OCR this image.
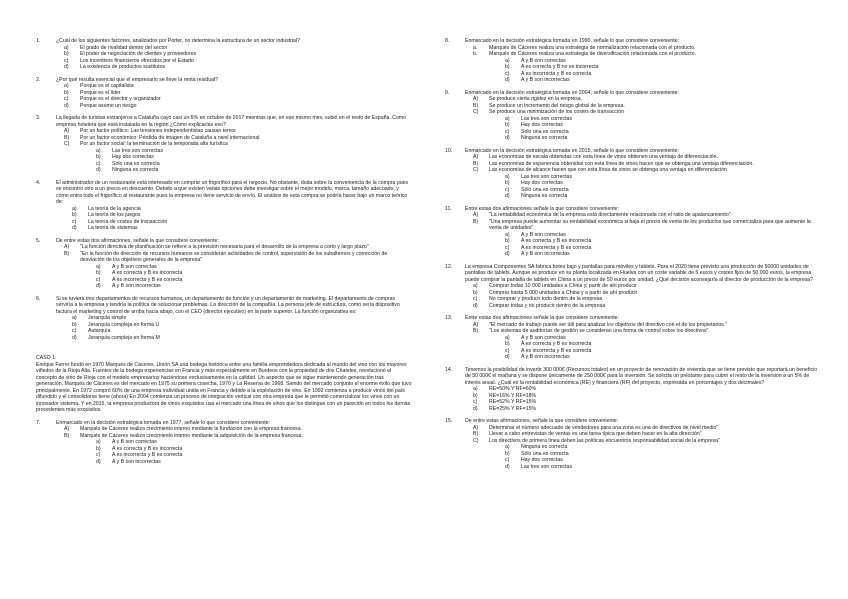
1.	¿Cuál de los siguientes factores, analizados por Porter, no determina la estructura de un sector industrial?
a) El grado de rivalidad dentro del sector
b) El poder de negociación de clientes y proveedores
c) Los incentivos financieros ofrecidos por el Estado
d) La existencia de productos sustitutos
2.	¿Por qué resulta esencial que el empresario se lleve la renta residual?
a) Porque es el capitalista
b) Porque es el líder
c) Porque es el director y organizador
d) Porque asume un riesgo
3.	La llegada de turistas extranjeros a Cataluña cayó casi un 5% en octubre de 2017 mientras que, en ese mismo mes, subió en el resto de España. Como empresa hotelera que está instalada en la región ¿Cómo explicarías eso?
A) Por un factor político: Las tensiones independentistas causan temor
B) Por un factor económico: Pérdida de imagen de Cataluña a nivel internacional
C) Por un factor social: la terminación de la temporada alta turística
a) Las tres son correctas
b) Hay dos correctas
c) Sólo una es correcta
d) Ninguna es correcta
4.	El administrador de un restaurante está interesado en comprar un frigorífico para el negocio. No obstante, duda sobre la conveniencia de la compra pues se encontró otro a un precio en descuento. Debido a que existen varias opciones debe investigar sobre el mejor modelo, marca, tamaño adecuado, y cómo entra todo el frigorífico al restaurante pues la empresa no tiene servicio de envío. El análisis de esta compra se podría hacer bajo un marco teórico de:
a) La teoría de la agencia
b) La teoría de los juegos
c) La teoría de costes de transacción
d) La teoría de sistemas
5.	De entre estas dos afirmaciones, señale la que considere conveniente:
A) "La función directiva de planificación se refiere a la previsión necesaria para el desarrollo de la empresa a corto y largo plazo"
B) "En la función de dirección de recursos humanos se consideran actividades de control, supervisión de los subalternos y corrección de desviación de los objetivos generales de la empresa"
a) A y B son correctas
b) A es correcta y B es incorrecta
c) A es incorrecta y B es correcta
d) A y B son incorrectas
6.	Si se tuviera tres departamentos de recursos humanos, un departamento de función y un departamento de marketing. El departamento de compras serviría a la empresa y tendría la política de solucionar problemas. La dirección de la compañía. La persona jefe de estructura, como sería dispositivo factura el marketing y control de arriba hacia abajo, con el CEO (director ejecutivo) en la parte superior. La función organizativa es:
a) Jerarquía simple
b) Jerarquía compleja en forma U
c) Autarquía
d) Jerarquía compleja en forma M
CASO 1:
Enrique Ferrer fundó en 1970 Marqués de Cáceres. Unión SA una bodega histórica entre una familia emprendedora dedicada al mundo del vino con los mayores viñedos de la Rioja Alta. Fuentes de la bodega experiencias en Francia y más especialmente en Burdeos con la propiedad de dos Chateles, revolucionó el concepto de vino de Rioja con el modelo empresarios haciéndose exclusivamente en la calidad. Un aspecto que se sigue manteniendo generación tras generación. Marqués de Cáceres es del mercado en 1975 su primera cosecha, 1970 y La Reserva de 1968. Siendo del mercado conjunto el enorme éxito que tuvo principalmente. En 1972 compró 60% de una empresa individual unida en Francia y debido a la explotación de vino. En 1992 comienza a producir vinos del país difundido y el consolidarse tiene (ahora) En 2004 comienza un proceso de integración vertical con otra empresa que le permitió comercializar los vinos con un innovador sistema. Y en 2015, la empresa productora de vinos exquisitos usa el mercado una línea de vinos que los distingue con un parecido en todos los demás procedentes más exquisitos.
7.	Enmarcado en la decisión estratégica tomada en 1977, señale lo que considere conveniente:
A) Marqués de Cáceres realiza crecimiento interno mediante la fundación con la empresa francesa.
B) Marqués de Cáceres realiza crecimiento interno mediante la adquisición de la empresa francesa.
a) A y B son correctas
b) A es correcta y B es incorrecta
c) A es incorrecta y B es correcta
d) A y B son incorrectas
8.	Enmarcado en la decisión estratégica tomada en 1990, señale lo que considere conveniente:
a. Marqués de Cáceres realiza una estrategia de normalización relacionada con el producto.
b. Marqués de Cáceres realiza una estrategia de diversificación relacionada con el producto.
a) A y B son correctas
b) A es correcta y B no es incorrecta
c) A es incorrecta y B es correcta
d) A y B son incorrectas
9.	Enmarcado en la decisión estratégica tomada en 2004, señale lo que considere conveniente:
A) Se produce cierta rigidez en la empresa.
B) Se produce un incremento del riesgo global de la empresa.
C) Se produce una minimización de los costes de transacción
a) Las tres son correctas
b) Hay dos correctas
c) Sólo una es correcta
d) Ninguna es correcta
10. Enmarcado en la decisión estratégica tomada en 2015, señale lo que considere conveniente:
A) Las economías de escala obtenidas con esta línea de vinos obtienen una ventaja de diferenciación.
B) Las economías de experiencia obtenidas con esta línea de vinos hacen que se obtenga una ventaja diferenciación.
C) Las economías de alcance hacen que con esta línea de vinos se obtenga una ventaja en diferenciación
a) Las tres son correctas
b) Hay dos correctas
c) Sólo una es correcta
d) Ninguna es correcta
11.	Entre estas dos afirmaciones señale la que considere conveniente:
A) "La rentabilidad económica de la empresa está directamente relacionada con el ratio de apalancamiento"
B) "Una empresa puede aumentar su rentabilidad económica si baja el precio de venta de los productos que comercializa para que aumente la venta de unidades"
a) A y B son correctas
b) A es correcta y B es incorrecta
c) A es incorrecta y B es correcta
d) A y B son incorrectas
12. La empresa Componentes SA fabrica botes bajo y pantallas para móviles y tablets. Para el 2020 tiene previsto una producción de 50000 unidades de pantallas de tablets. Aunque se produce en su planta localizada en Huelva con un coste variable de 5 euros y costes fijos de 50 000 euros, la empresa puede comprar la pantalla de tablets en China a un precio de 50 euros por unidad. ¿Qué decisión aconsejaría al director de producción de la empresa?
a) Comprar todas 10 000 unidades a China y, partir de ahí producir
b) Comprar hasta 5 000 unidades a China y a partir de ahí producir
c) No comprar y producir todo dentro de la empresa
d) Comprar todas y no producir dentro de la empresa
13. Entre estas dos afirmaciones señale la que considere conveniente:
A) "El mercado de trabajo puede ser útil para analizar los objetivos del directivo con el de los propietarios."
B) "Los sistemas de auditorías de gestión se consideran una forma de control sobre los directivos"
a) A y B son correctas
b) A es correcta y B es incorrecta
c) A es incorrecta y B es correcta
d) A y B son incorrectas
14. Tenemos la posibilidad de invertir 300 000€ (Recursos totales) en un proyecto de renovación de vivienda que se tiene previsto que reportará un beneficio de 50 000€ el mañana y se dispone únicamente de 250 000€ para la inversión. Se solicita un préstamo para cubrir el resto de la inversión a un 5% de interés anual. ¿Cuál es la rentabilidad económica (RE) y financiera (RF) del proyecto, expresada en porcentajes y dos decimales?
a) RE=50% Y RF=60%
b) RE=16% Y RF=18%
c) RE=52% Y RF=15%
d) RE=25% Y RF=15%
15. De entre estas afirmaciones, señale la que considere conveniente:
A) Determinar el número adecuado de vendedores para una zona es una de directivos de nivel medio"
B) Llevar a cabo entrevistas de ventas es una tarea típica que deben hacer en la alta dirección"
C) Los directivos de primera línea deben las políticas encuentros responsabilidad social de la empresa"
a) Ninguna es correcta
b) Sólo una es correcta
c) Hay dos correctas
d) Las tres son correctas
